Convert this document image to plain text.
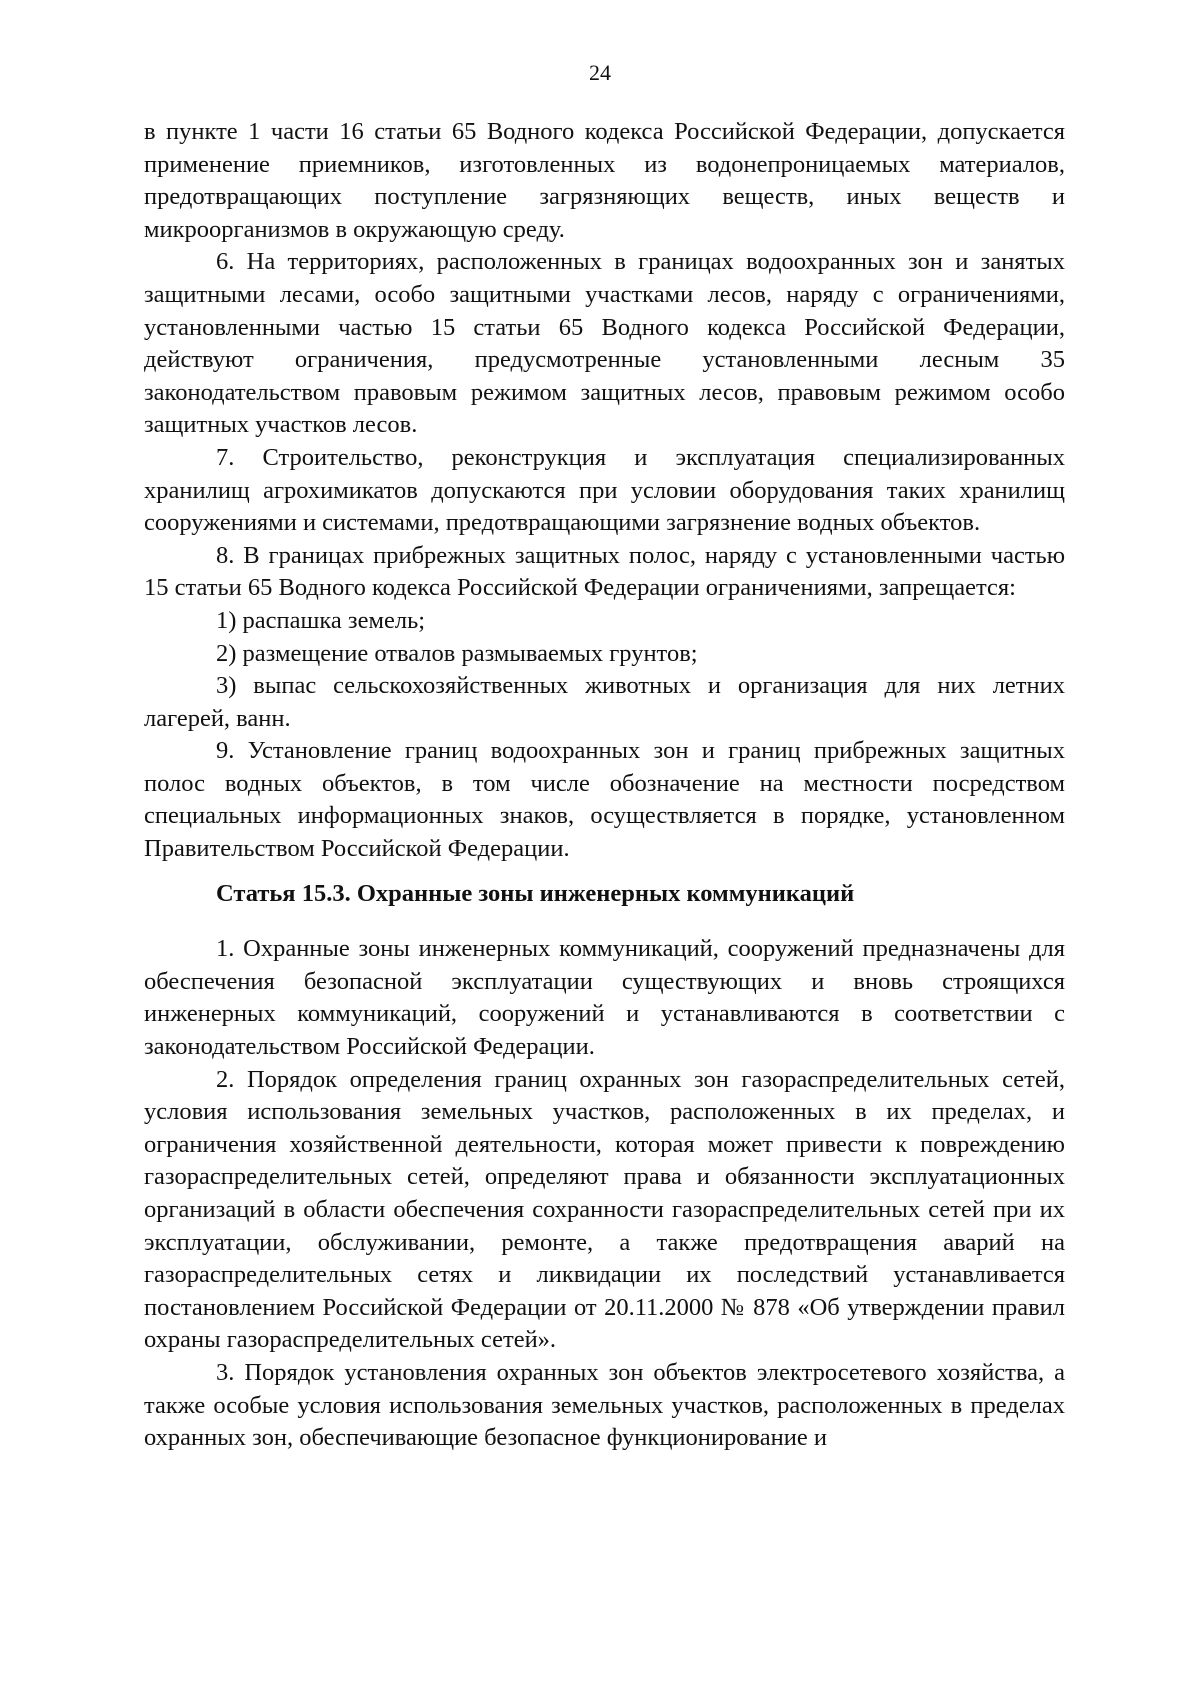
24

в пункте 1 части 16 статьи 65 Водного кодекса Российской Федерации, допускается применение приемников, изготовленных из водонепроницаемых материалов, предотвращающих поступление загрязняющих веществ, иных веществ и микроорганизмов в окружающую среду.

6. На территориях, расположенных в границах водоохранных зон и занятых защитными лесами, особо защитными участками лесов, наряду с ограничениями, установленными частью 15 статьи 65 Водного кодекса Российской Федерации, действуют ограничения, предусмотренные установленными лесным 35 законодательством правовым режимом защитных лесов, правовым режимом особо защитных участков лесов.

7. Строительство, реконструкция и эксплуатация специализированных хранилищ агрохимикатов допускаются при условии оборудования таких хранилищ сооружениями и системами, предотвращающими загрязнение водных объектов.

8. В границах прибрежных защитных полос, наряду с установленными частью 15 статьи 65 Водного кодекса Российской Федерации ограничениями, запрещается:

1) распашка земель;

2) размещение отвалов размываемых грунтов;

3) выпас сельскохозяйственных животных и организация для них летних лагерей, ванн.

9. Установление границ водоохранных зон и границ прибрежных защитных полос водных объектов, в том числе обозначение на местности посредством специальных информационных знаков, осуществляется в порядке, установленном Правительством Российской Федерации.

Статья 15.3. Охранные зоны инженерных коммуникаций

1. Охранные зоны инженерных коммуникаций, сооружений предназначены для обеспечения безопасной эксплуатации существующих и вновь строящихся инженерных коммуникаций, сооружений и устанавливаются в соответствии с законодательством Российской Федерации.

2. Порядок определения границ охранных зон газораспределительных сетей, условия использования земельных участков, расположенных в их пределах, и ограничения хозяйственной деятельности, которая может привести к повреждению газораспределительных сетей, определяют права и обязанности эксплуатационных организаций в области обеспечения сохранности газораспределительных сетей при их эксплуатации, обслуживании, ремонте, а также предотвращения аварий на газораспределительных сетях и ликвидации их последствий устанавливается постановлением Российской Федерации от 20.11.2000 № 878 «Об утверждении правил охраны газораспределительных сетей».

3. Порядок установления охранных зон объектов электросетевого хозяйства, а также особые условия использования земельных участков, расположенных в пределах охранных зон, обеспечивающие безопасное функционирование и
